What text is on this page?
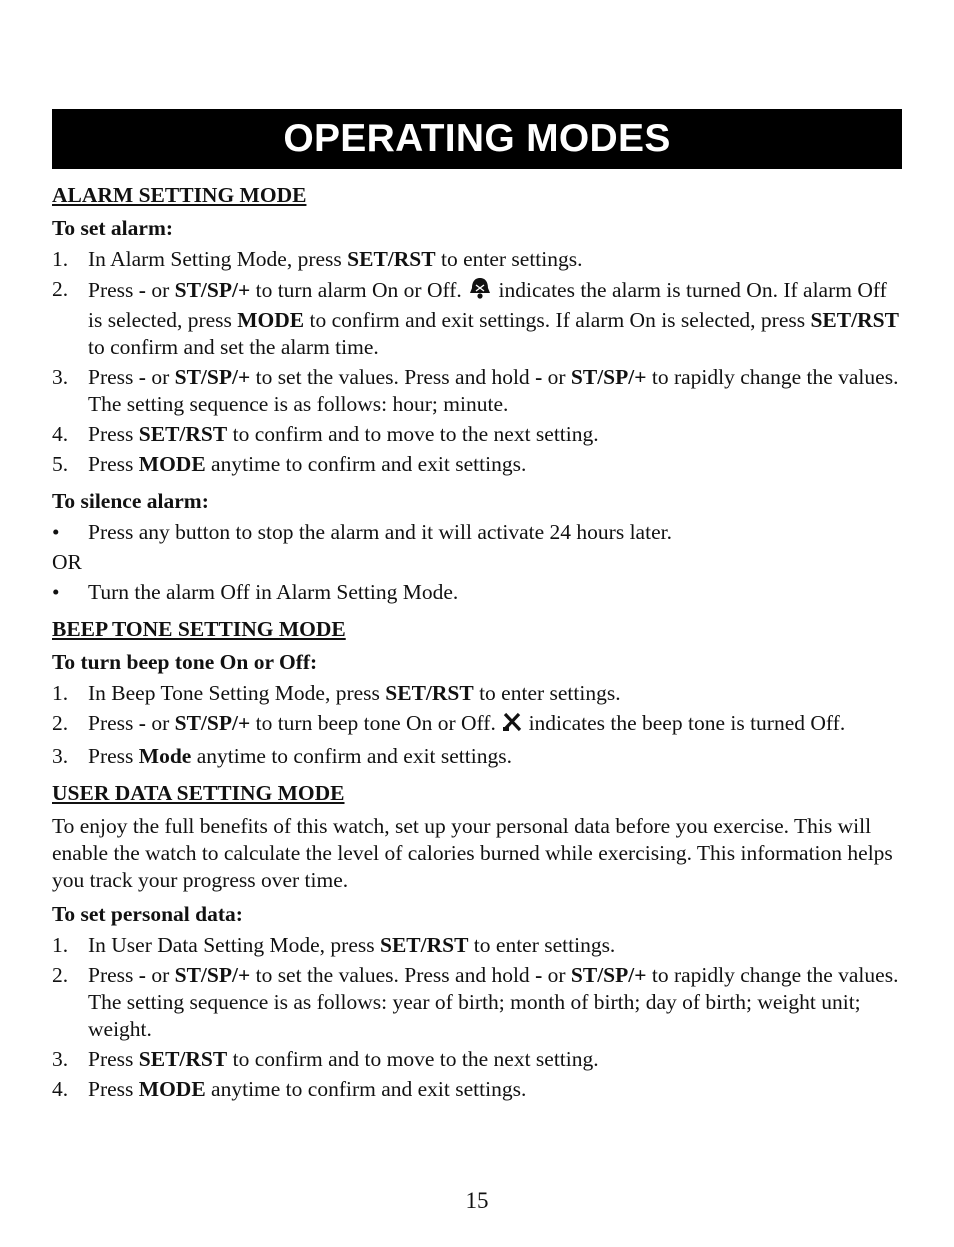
OPERATING MODES
ALARM SETTING MODE
To set alarm:
1. In Alarm Setting Mode, press SET/RST to enter settings.
2. Press - or ST/SP/+ to turn alarm On or Off.  indicates the alarm is turned On. If alarm Off is selected, press MODE to confirm and exit settings. If alarm On is selected, press SET/RST to confirm and set the alarm time.
3. Press - or ST/SP/+ to set the values. Press and hold - or ST/SP/+ to rapidly change the values. The setting sequence is as follows: hour; minute.
4. Press SET/RST to confirm and to move to the next setting.
5. Press MODE anytime to confirm and exit settings.
To silence alarm:
•	Press any button to stop the alarm and it will activate 24 hours later.
OR
•	Turn the alarm Off in Alarm Setting Mode.
BEEP TONE SETTING MODE
To turn beep tone On or Off:
1. In Beep Tone Setting Mode, press SET/RST to enter settings.
2. Press - or ST/SP/+ to turn beep tone On or Off.  indicates the beep tone is turned Off.
3. Press Mode anytime to confirm and exit settings.
USER DATA SETTING MODE
To enjoy the full benefits of this watch, set up your personal data before you exercise. This will enable the watch to calculate the level of calories burned while exercising. This information helps you track your progress over time.
To set personal data:
1. In User Data Setting Mode, press SET/RST to enter settings.
2. Press - or ST/SP/+ to set the values. Press and hold - or ST/SP/+ to rapidly change the values. The setting sequence is as follows: year of birth; month of birth; day of birth; weight unit; weight.
3. Press SET/RST to confirm and to move to the next setting.
4. Press MODE anytime to confirm and exit settings.
15
